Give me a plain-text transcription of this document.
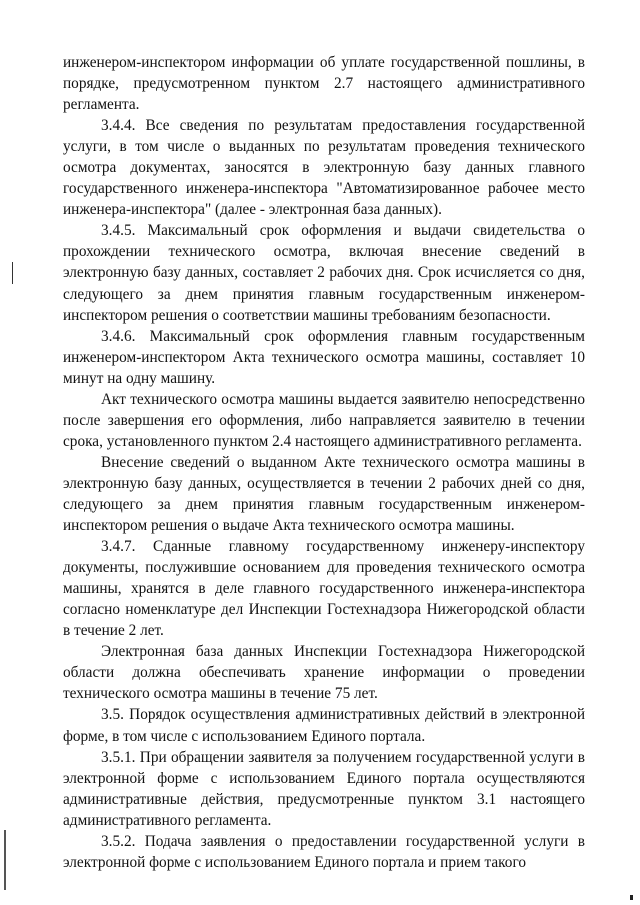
инженером-инспектором информации об уплате государственной пошлины, в порядке, предусмотренном пунктом 2.7 настоящего административного регламента.

3.4.4. Все сведения по результатам предоставления государственной услуги, в том числе о выданных по результатам проведения технического осмотра документах, заносятся в электронную базу данных главного государственного инженера-инспектора "Автоматизированное рабочее место инженера-инспектора" (далее - электронная база данных).

3.4.5. Максимальный срок оформления и выдачи свидетельства о прохождении технического осмотра, включая внесение сведений в электронную базу данных, составляет 2 рабочих дня. Срок исчисляется со дня, следующего за днем принятия главным государственным инженером-инспектором решения о соответствии машины требованиям безопасности.

3.4.6. Максимальный срок оформления главным государственным инженером-инспектором Акта технического осмотра машины, составляет 10 минут на одну машину.

Акт технического осмотра машины выдается заявителю непосредственно после завершения его оформления, либо направляется заявителю в течении срока, установленного пунктом 2.4 настоящего административного регламента.

Внесение сведений о выданном Акте технического осмотра машины в электронную базу данных, осуществляется в течении 2 рабочих дней со дня, следующего за днем принятия главным государственным инженером-инспектором решения о выдаче Акта технического осмотра машины.

3.4.7. Сданные главному государственному инженеру-инспектору документы, послужившие основанием для проведения технического осмотра машины, хранятся в деле главного государственного инженера-инспектора согласно номенклатуре дел Инспекции Гостехнадзора Нижегородской области в течение 2 лет.

Электронная база данных Инспекции Гостехнадзора Нижегородской области должна обеспечивать хранение информации о проведении технического осмотра машины в течение 75 лет.

3.5. Порядок осуществления административных действий в электронной форме, в том числе с использованием Единого портала.

3.5.1. При обращении заявителя за получением государственной услуги в электронной форме с использованием Единого портала осуществляются административные действия, предусмотренные пунктом 3.1 настоящего административного регламента.

3.5.2. Подача заявления о предоставлении государственной услуги в электронной форме с использованием Единого портала и прием такого
